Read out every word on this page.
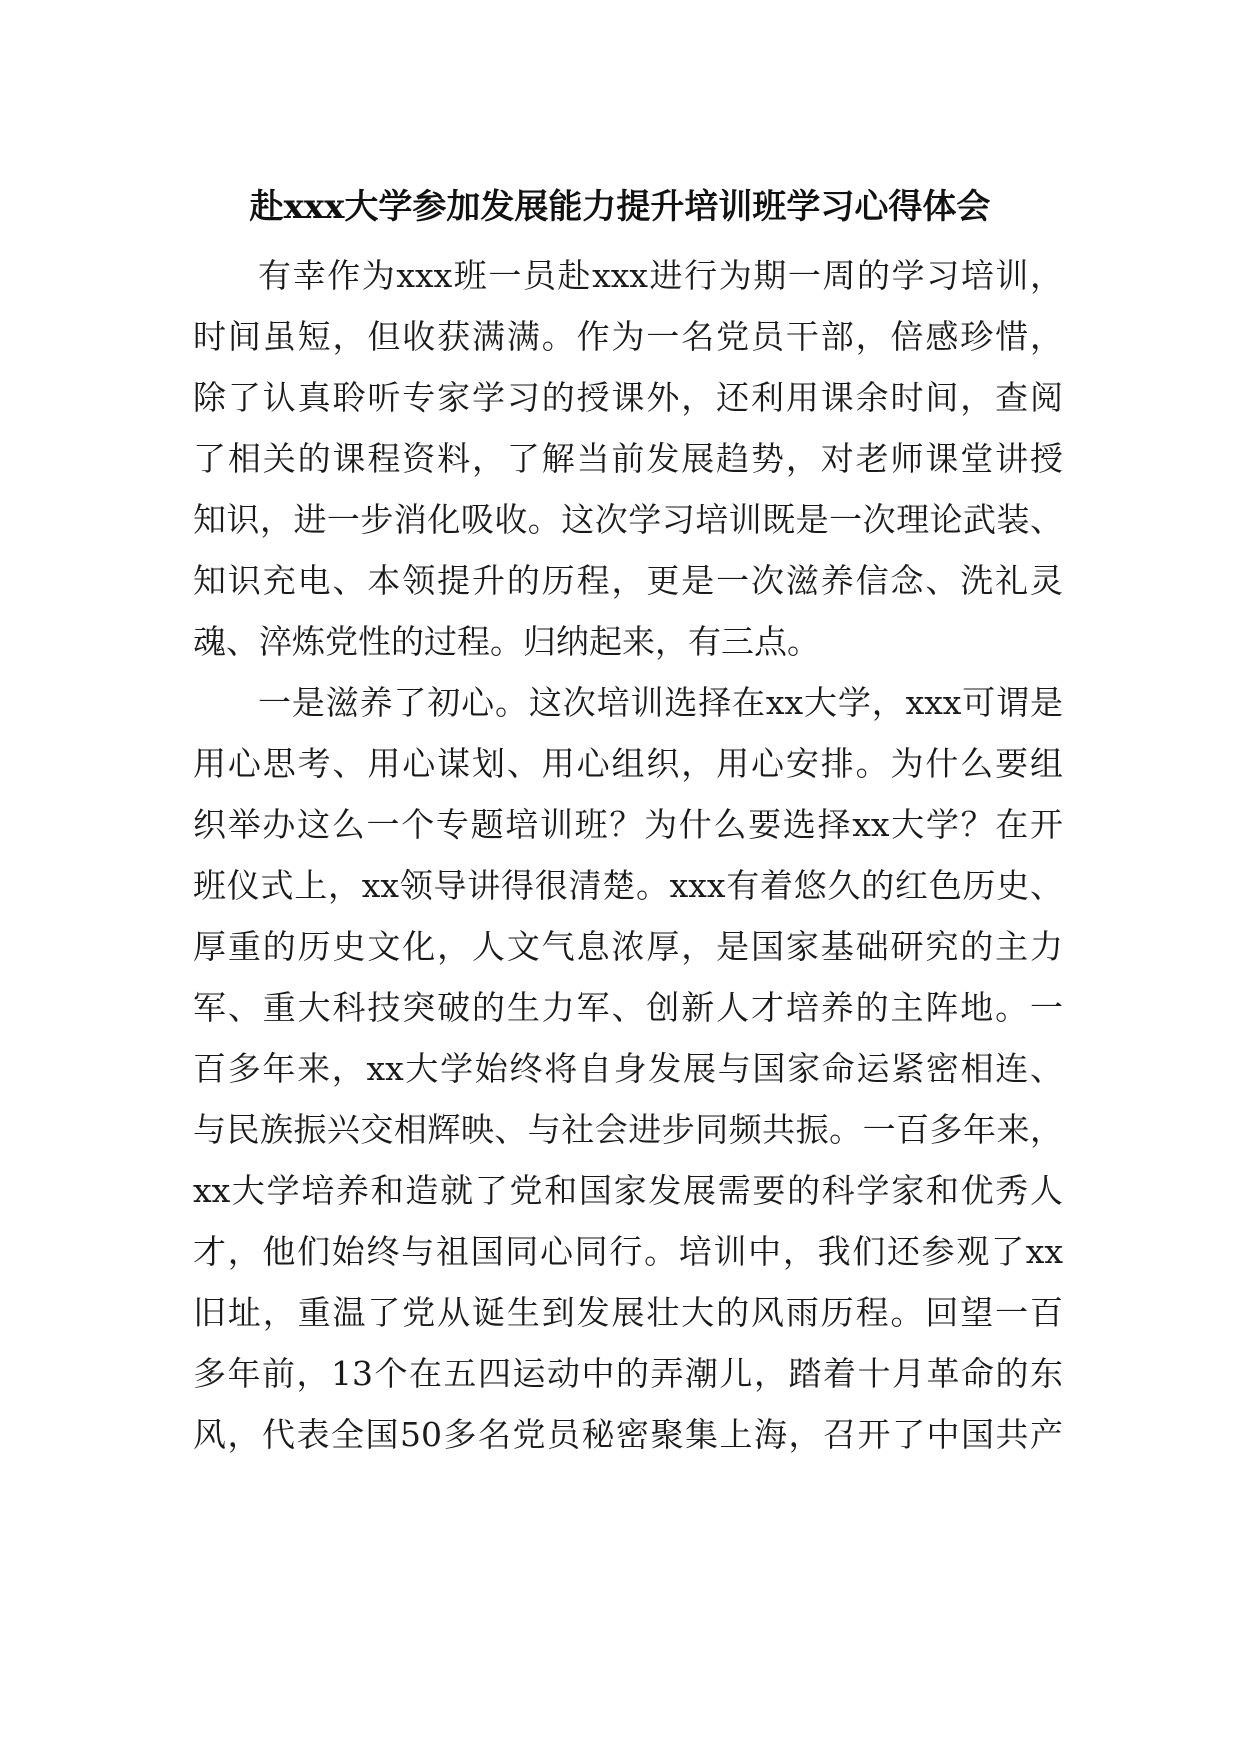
赴xxx大学参加发展能力提升培训班学习心得体会

有幸作为xxx班一员赴xxx进行为期一周的学习培训，

时间虽短，但收获满满。作为一名党员干部，倍感珍惜，

除了认真聆听专家学习的授课外，还利用课余时间，查阅

了相关的课程资料，了解当前发展趋势，对老师课堂讲授

知识，进一步消化吸收。这次学习培训既是一次理论武装、

知识充电、本领提升的历程，更是一次滋养信念、洗礼灵

魂、淬炼党性的过程。归纳起来，有三点。

一是滋养了初心。这次培训选择在xx大学，xxx可谓是

用心思考、用心谋划、用心组织，用心安排。为什么要组

织举办这么一个专题培训班？为什么要选择xx大学？在开

班仪式上，xx领导讲得很清楚。xxx有着悠久的红色历史、

厚重的历史文化，人文气息浓厚，是国家基础研究的主力

军、重大科技突破的生力军、创新人才培养的主阵地。一

百多年来，xx大学始终将自身发展与国家命运紧密相连、

与民族振兴交相辉映、与社会进步同频共振。一百多年来，

xx大学培养和造就了党和国家发展需要的科学家和优秀人

才，他们始终与祖国同心同行。培训中，我们还参观了xx

旧址，重温了党从诞生到发展壮大的风雨历程。回望一百

多年前，13个在五四运动中的弄潮儿，踏着十月革命的东

风，代表全国50多名党员秘密聚集上海，召开了中国共产
